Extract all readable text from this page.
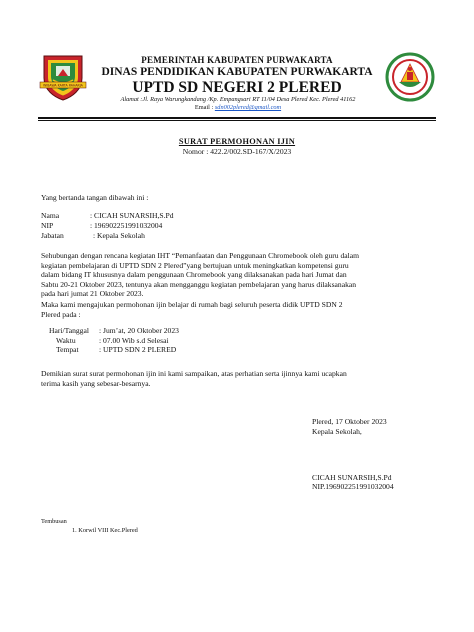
WIBAWA KARTA RAHARJA
PEMERINTAH KABUPATEN PURWAKARTA
DINAS PENDIDIKAN KABUPATEN PURWAKARTA
UPTD SD NEGERI 2 PLERED
Alamat :Jl. Raya Warungkandang /Kp. Empangsari RT 11/04 Desa Plered Kec. Plered 41162
Email : sdn002plered@gmail.com
SURAT PERMOHONAN IJIN
Nomor : 422.2/002.SD-167/X/2023
Yang bertanda tangan dibawah ini :
Nama	: CICAH SUNARSIH,S.Pd
NIP	: 196902251991032004
Jabatan	: Kepala Sekolah
Sehubungan dengan rencana kegiatan IHT “Pemanfaatan dan Penggunaan Chromebook oleh guru dalam
kegiatan pembelajaran di UPTD SDN 2 Plered”yang bertujuan untuk meningkatkan kompetensi guru
dalam bidang IT khususnya dalam penggunaan Chromebook yang dilaksanakan pada hari Jumat dan
Sabtu 20-21 Oktober 2023, tentunya akan mengganggu kegiatan pembelajaran yang harus dilaksanakan
pada hari jumat 21 Oktober 2023.
Maka kami mengajukan permohonan ijin belajar di rumah bagi seluruh peserta didik UPTD SDN 2
Plered pada :
Hari/Tanggal : Jum’at, 20 Oktober 2023
Waktu	: 07.00 Wib s.d Selesai
Tempat	: UPTD SDN 2 PLERED
Demikian surat surat permohonan ijin ini kami sampaikan, atas perhatian serta ijinnya kami ucapkan
terima kasih yang sebesar-besarnya.
Plered, 17 Oktober 2023
Kepala Sekolah,
CICAH SUNARSIH,S.Pd
NIP.196902251991032004
Tembusan
1. Korwil VIII Kec.Plered
